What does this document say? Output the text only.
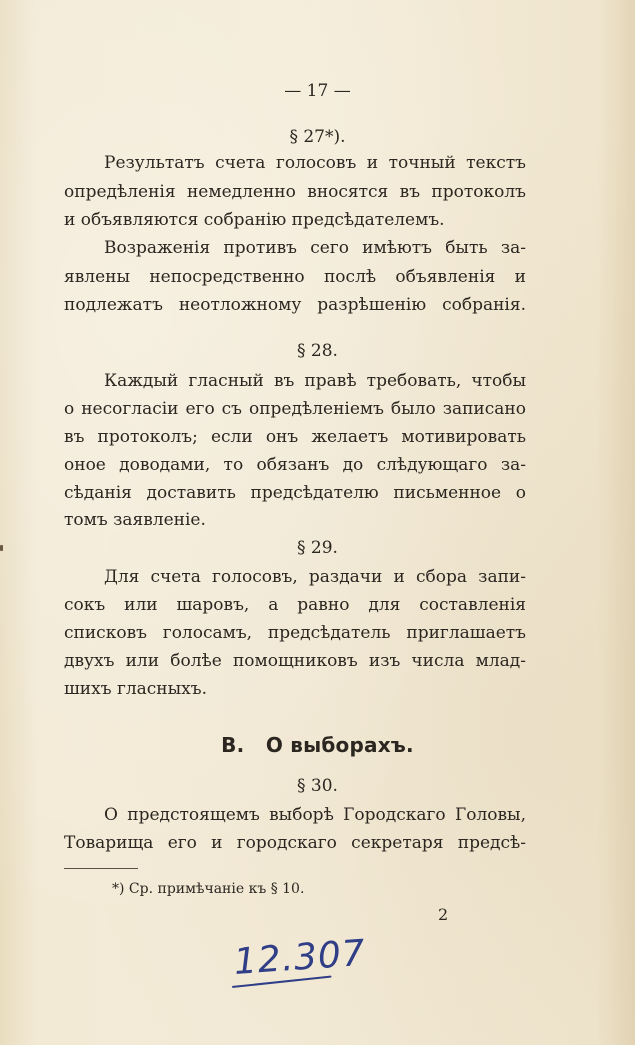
— 17 —
§ 27*).
Результатъ счета голосовъ и точный текстъ
опредѣленія немедленно вносятся въ протоколъ
и объявляются собранію предсѣдателемъ.
Возраженія противъ сего имѣютъ быть за-
явлены непосредственно послѣ объявленія и
подлежатъ неотложному разрѣшенію собранія.
§ 28.
Каждый гласный въ правѣ требовать, чтобы
о несогласіи его съ опредѣленіемъ было записано
въ протоколъ; если онъ желаетъ мотивировать
оное доводами, то обязанъ до слѣдующаго за-
сѣданія доставить предсѣдателю письменное о
томъ заявленіе.
§ 29.
Для счета голосовъ, раздачи и сбора запи-
сокъ или шаровъ, а равно для составленія
списковъ голосамъ, предсѣдатель приглашаетъ
двухъ или болѣе помощниковъ изъ числа млад-
шихъ гласныхъ.
В.   О выборахъ.
§ 30.
О предстоящемъ выборѣ Городскаго Головы,
Товарища его и городскаго секретаря предсѣ-
*) Ср. примѣчаніе къ § 10.
2
12.307
